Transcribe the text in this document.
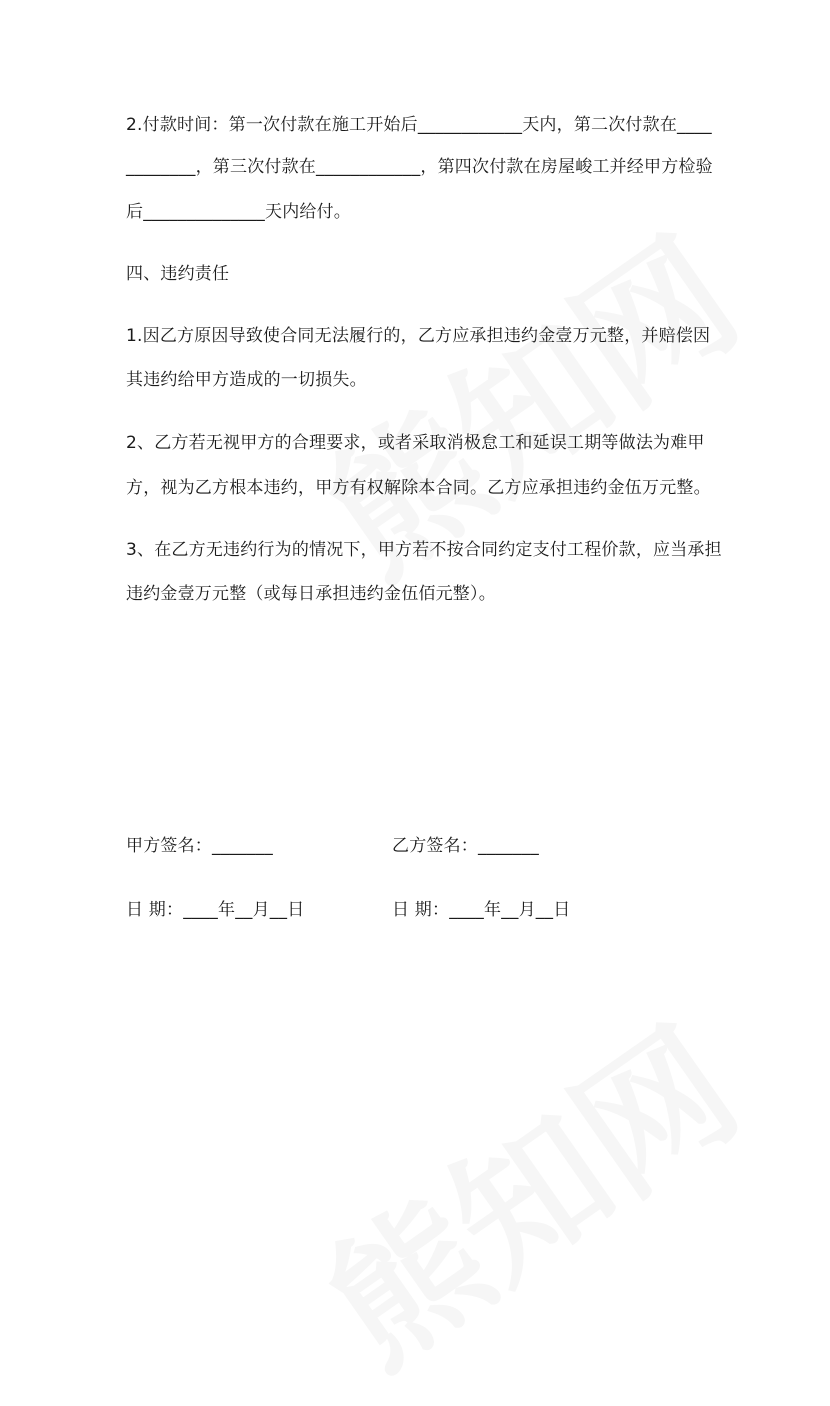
2.付款时间：第一次付款在施工开始后____________天内，第二次付款在____
________，第三次付款在____________，第四次付款在房屋峻工并经甲方检验
后______________天内给付。
四、违约责任
1.因乙方原因导致使合同无法履行的，乙方应承担违约金壹万元整，并赔偿因
其违约给甲方造成的一切损失。
2、乙方若无视甲方的合理要求，或者采取消极怠工和延误工期等做法为难甲
方，视为乙方根本违约，甲方有权解除本合同。乙方应承担违约金伍万元整。
3、在乙方无违约行为的情况下，甲方若不按合同约定支付工程价款，应当承担
违约金壹万元整（或每日承担违约金伍佰元整）。
甲方签名：_______	乙方签名：_______
日 期：____年__月__日	日 期：____年__月__日
